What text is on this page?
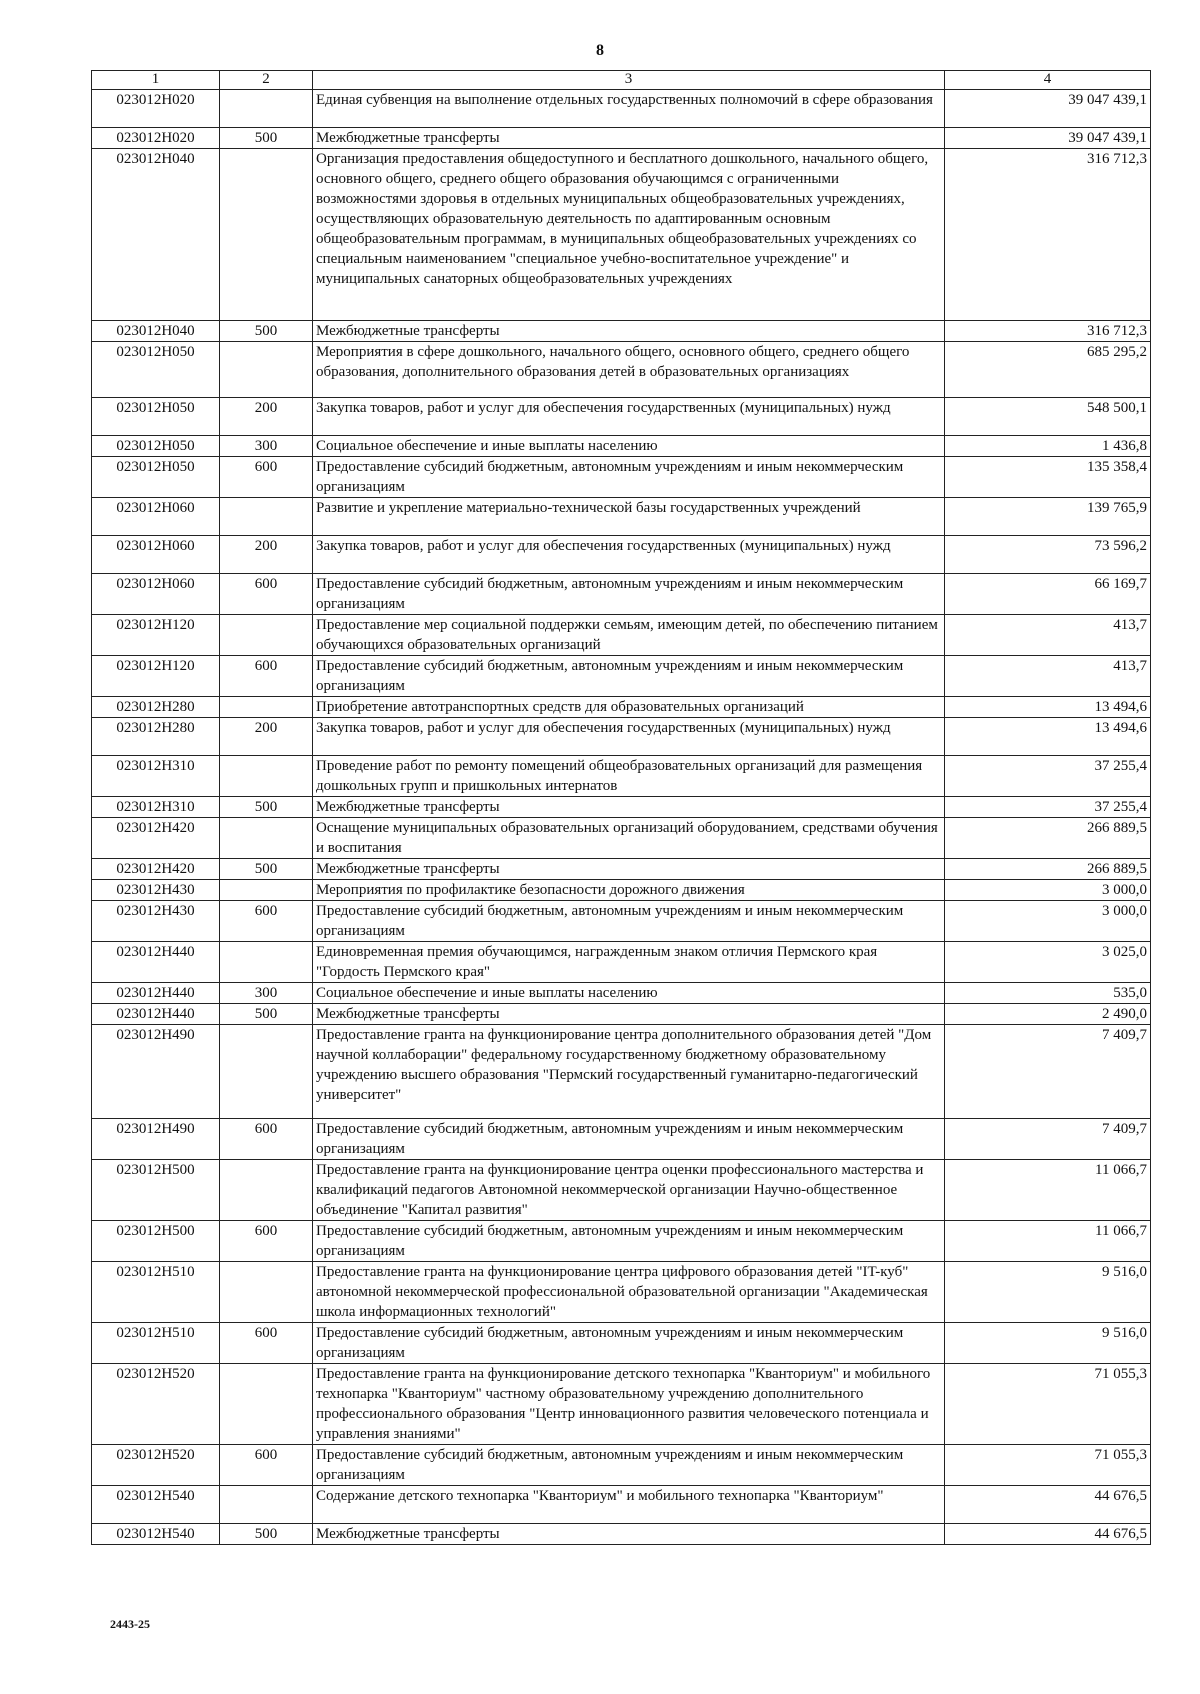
8
1	2	3	4
023012Н020		Единая субвенция на выполнение отдельных государственных полномочий в сфере образования	39 047 439,1
023012Н020	500	Межбюджетные трансферты	39 047 439,1
023012Н040		Организация предоставления общедоступного и бесплатного дошкольного, начального общего, основного общего, среднего общего образования обучающимся с ограниченными возможностями здоровья в отдельных муниципальных общеобразовательных учреждениях, осуществляющих образовательную деятельность по адаптированным основным общеобразовательным программам, в муниципальных общеобразовательных учреждениях со специальным наименованием "специальное учебно-воспитательное учреждение" и муниципальных санаторных общеобразовательных учреждениях	316 712,3
023012Н040	500	Межбюджетные трансферты	316 712,3
023012Н050		Мероприятия в сфере дошкольного, начального общего, основного общего, среднего общего образования, дополнительного образования детей в образовательных организациях	685 295,2
023012Н050	200	Закупка товаров, работ и услуг для обеспечения государственных (муниципальных) нужд	548 500,1
023012Н050	300	Социальное обеспечение и иные выплаты населению	1 436,8
023012Н050	600	Предоставление субсидий бюджетным, автономным учреждениям и иным некоммерческим организациям	135 358,4
023012Н060		Развитие и укрепление материально-технической базы государственных учреждений	139 765,9
023012Н060	200	Закупка товаров, работ и услуг для обеспечения государственных (муниципальных) нужд	73 596,2
023012Н060	600	Предоставление субсидий бюджетным, автономным учреждениям и иным некоммерческим организациям	66 169,7
023012Н120		Предоставление мер социальной поддержки семьям, имеющим детей, по обеспечению питанием обучающихся образовательных организаций	413,7
023012Н120	600	Предоставление субсидий бюджетным, автономным учреждениям и иным некоммерческим организациям	413,7
023012Н280		Приобретение автотранспортных средств для образовательных организаций	13 494,6
023012Н280	200	Закупка товаров, работ и услуг для обеспечения государственных (муниципальных) нужд	13 494,6
023012Н310		Проведение работ по ремонту помещений общеобразовательных организаций для размещения дошкольных групп и пришкольных интернатов	37 255,4
023012Н310	500	Межбюджетные трансферты	37 255,4
023012Н420		Оснащение муниципальных образовательных организаций оборудованием, средствами обучения и воспитания	266 889,5
023012Н420	500	Межбюджетные трансферты	266 889,5
023012Н430		Мероприятия по профилактике безопасности дорожного движения	3 000,0
023012Н430	600	Предоставление субсидий бюджетным, автономным учреждениям и иным некоммерческим организациям	3 000,0
023012Н440		Единовременная премия обучающимся, награжденным знаком отличия Пермского края "Гордость Пермского края"	3 025,0
023012Н440	300	Социальное обеспечение и иные выплаты населению	535,0
023012Н440	500	Межбюджетные трансферты	2 490,0
023012Н490		Предоставление гранта на функционирование центра дополнительного образования детей "Дом научной коллаборации" федеральному государственному бюджетному образовательному учреждению высшего образования "Пермский государственный гуманитарно-педагогический университет"	7 409,7
023012Н490	600	Предоставление субсидий бюджетным, автономным учреждениям и иным некоммерческим организациям	7 409,7
023012Н500		Предоставление гранта на функционирование центра оценки профессионального мастерства и квалификаций педагогов Автономной некоммерческой организации Научно-общественное объединение "Капитал развития"	11 066,7
023012Н500	600	Предоставление субсидий бюджетным, автономным учреждениям и иным некоммерческим организациям	11 066,7
023012Н510		Предоставление гранта на функционирование центра цифрового образования детей "IT-куб" автономной некоммерческой профессиональной образовательной организации "Академическая школа информационных технологий"	9 516,0
023012Н510	600	Предоставление субсидий бюджетным, автономным учреждениям и иным некоммерческим организациям	9 516,0
023012Н520		Предоставление гранта на функционирование детского технопарка "Кванториум" и мобильного технопарка "Кванториум" частному образовательному учреждению дополнительного профессионального образования "Центр инновационного развития человеческого потенциала и управления знаниями"	71 055,3
023012Н520	600	Предоставление субсидий бюджетным, автономным учреждениям и иным некоммерческим организациям	71 055,3
023012Н540		Содержание детского технопарка "Кванториум" и мобильного технопарка "Кванториум"	44 676,5
023012Н540	500	Межбюджетные трансферты	44 676,5
2443-25
